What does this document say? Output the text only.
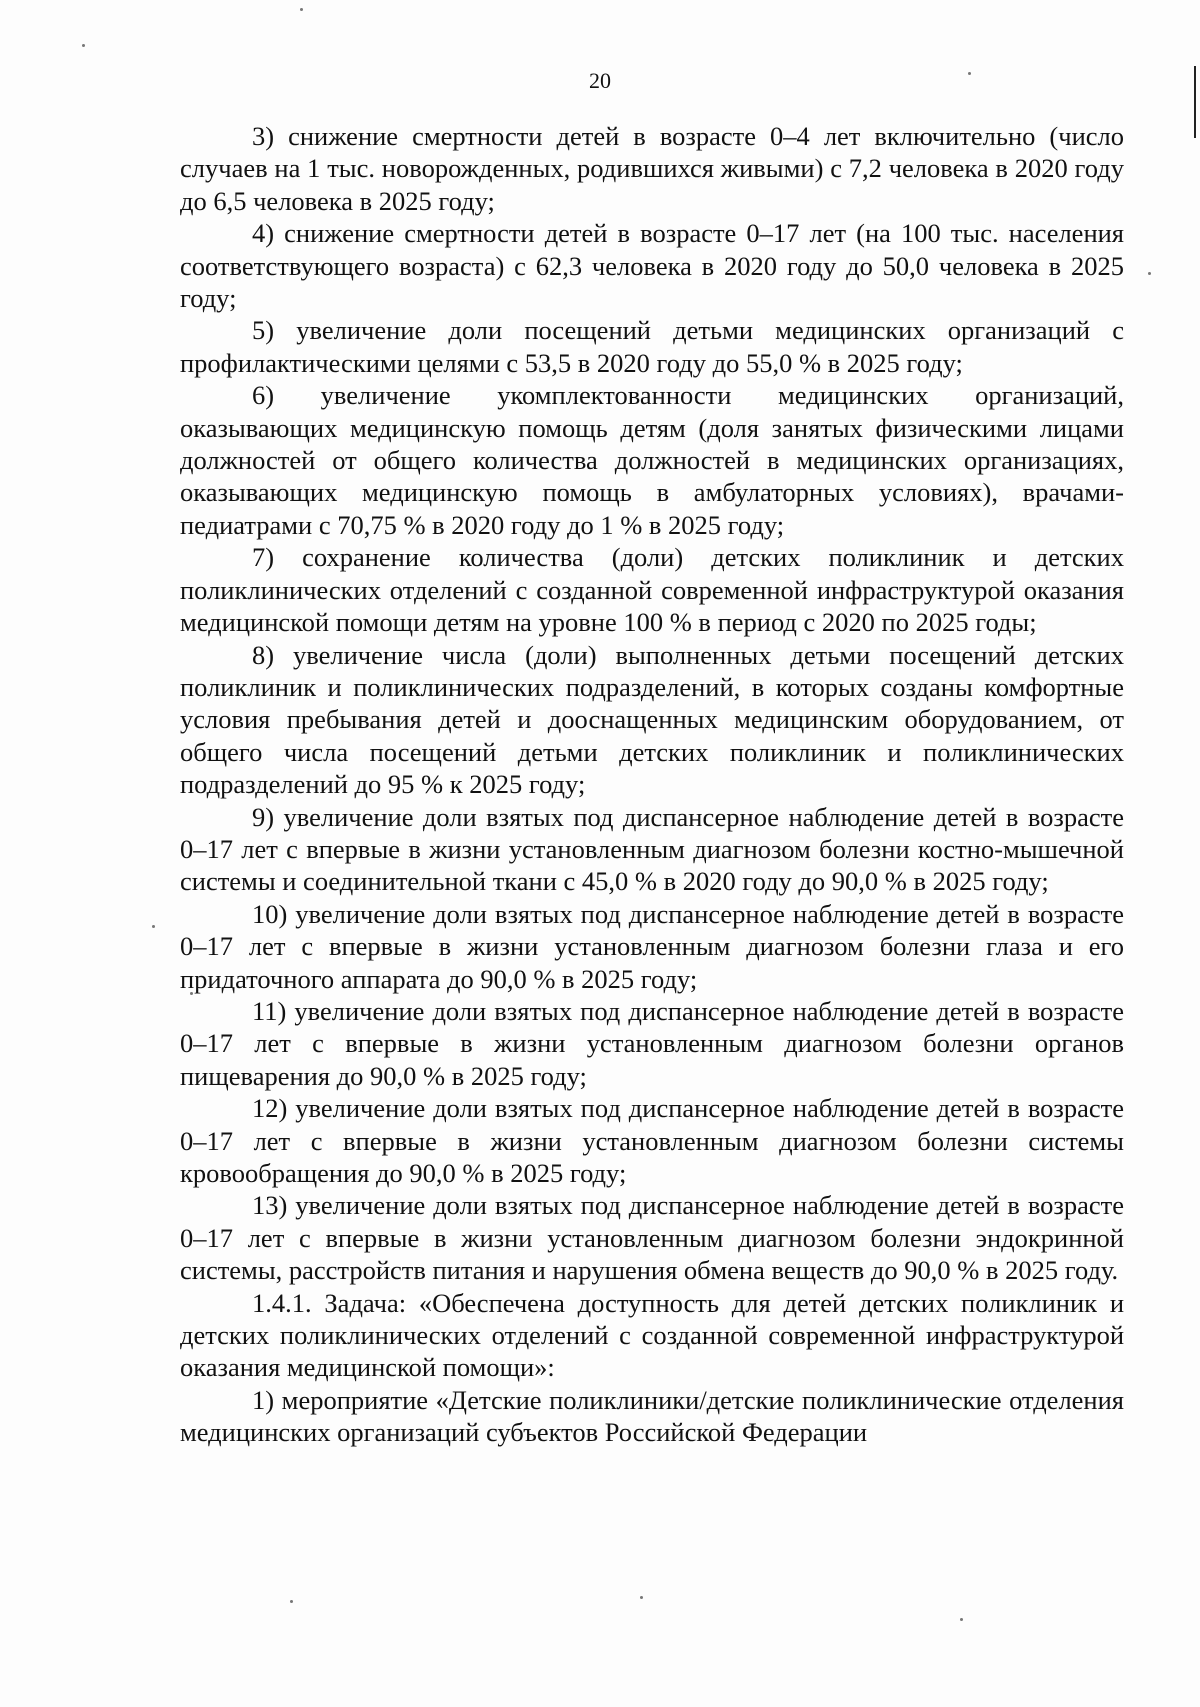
20

3) снижение смертности детей в возрасте 0–4 лет включительно (число случаев на 1 тыс. новорожденных, родившихся живыми) с 7,2 человека в 2020 году до 6,5 человека в 2025 году;

4) снижение смертности детей в возрасте 0–17 лет (на 100 тыс. населения соответствующего возраста) с 62,3 человека в 2020 году до 50,0 человека в 2025 году;

5) увеличение доли посещений детьми медицинских организаций с профилактическими целями с 53,5 в 2020 году до 55,0 % в 2025 году;

6) увеличение укомплектованности медицинских организаций, оказывающих медицинскую помощь детям (доля занятых физическими лицами должностей от общего количества должностей в медицинских организациях, оказывающих медицинскую помощь в амбулаторных условиях), врачами-педиатрами с 70,75 % в 2020 году до 1 % в 2025 году;

7) сохранение количества (доли) детских поликлиник и детских поликлинических отделений с созданной современной инфраструктурой оказания медицинской помощи детям на уровне 100 % в период с 2020 по 2025 годы;

8) увеличение числа (доли) выполненных детьми посещений детских поликлиник и поликлинических подразделений, в которых созданы комфортные условия пребывания детей и дооснащенных медицинским оборудованием, от общего числа посещений детьми детских поликлиник и поликлинических подразделений до 95 % к 2025 году;

9) увеличение доли взятых под диспансерное наблюдение детей в возрасте 0–17 лет с впервые в жизни установленным диагнозом болезни костно-мышечной системы и соединительной ткани с 45,0 % в 2020 году до 90,0 % в 2025 году;

10) увеличение доли взятых под диспансерное наблюдение детей в возрасте 0–17 лет с впервые в жизни установленным диагнозом болезни глаза и его придаточного аппарата до 90,0 % в 2025 году;

11) увеличение доли взятых под диспансерное наблюдение детей в возрасте 0–17 лет с впервые в жизни установленным диагнозом болезни органов пищеварения до 90,0 % в 2025 году;

12) увеличение доли взятых под диспансерное наблюдение детей в возрасте 0–17 лет с впервые в жизни установленным диагнозом болезни системы кровообращения до 90,0 % в 2025 году;

13) увеличение доли взятых под диспансерное наблюдение детей в возрасте 0–17 лет с впервые в жизни установленным диагнозом болезни эндокринной системы, расстройств питания и нарушения обмена веществ до 90,0 % в 2025 году.

1.4.1. Задача: «Обеспечена доступность для детей детских поликлиник и детских поликлинических отделений с созданной современной инфраструктурой оказания медицинской помощи»:

1) мероприятие «Детские поликлиники/детские поликлинические отделения медицинских организаций субъектов Российской Федерации
